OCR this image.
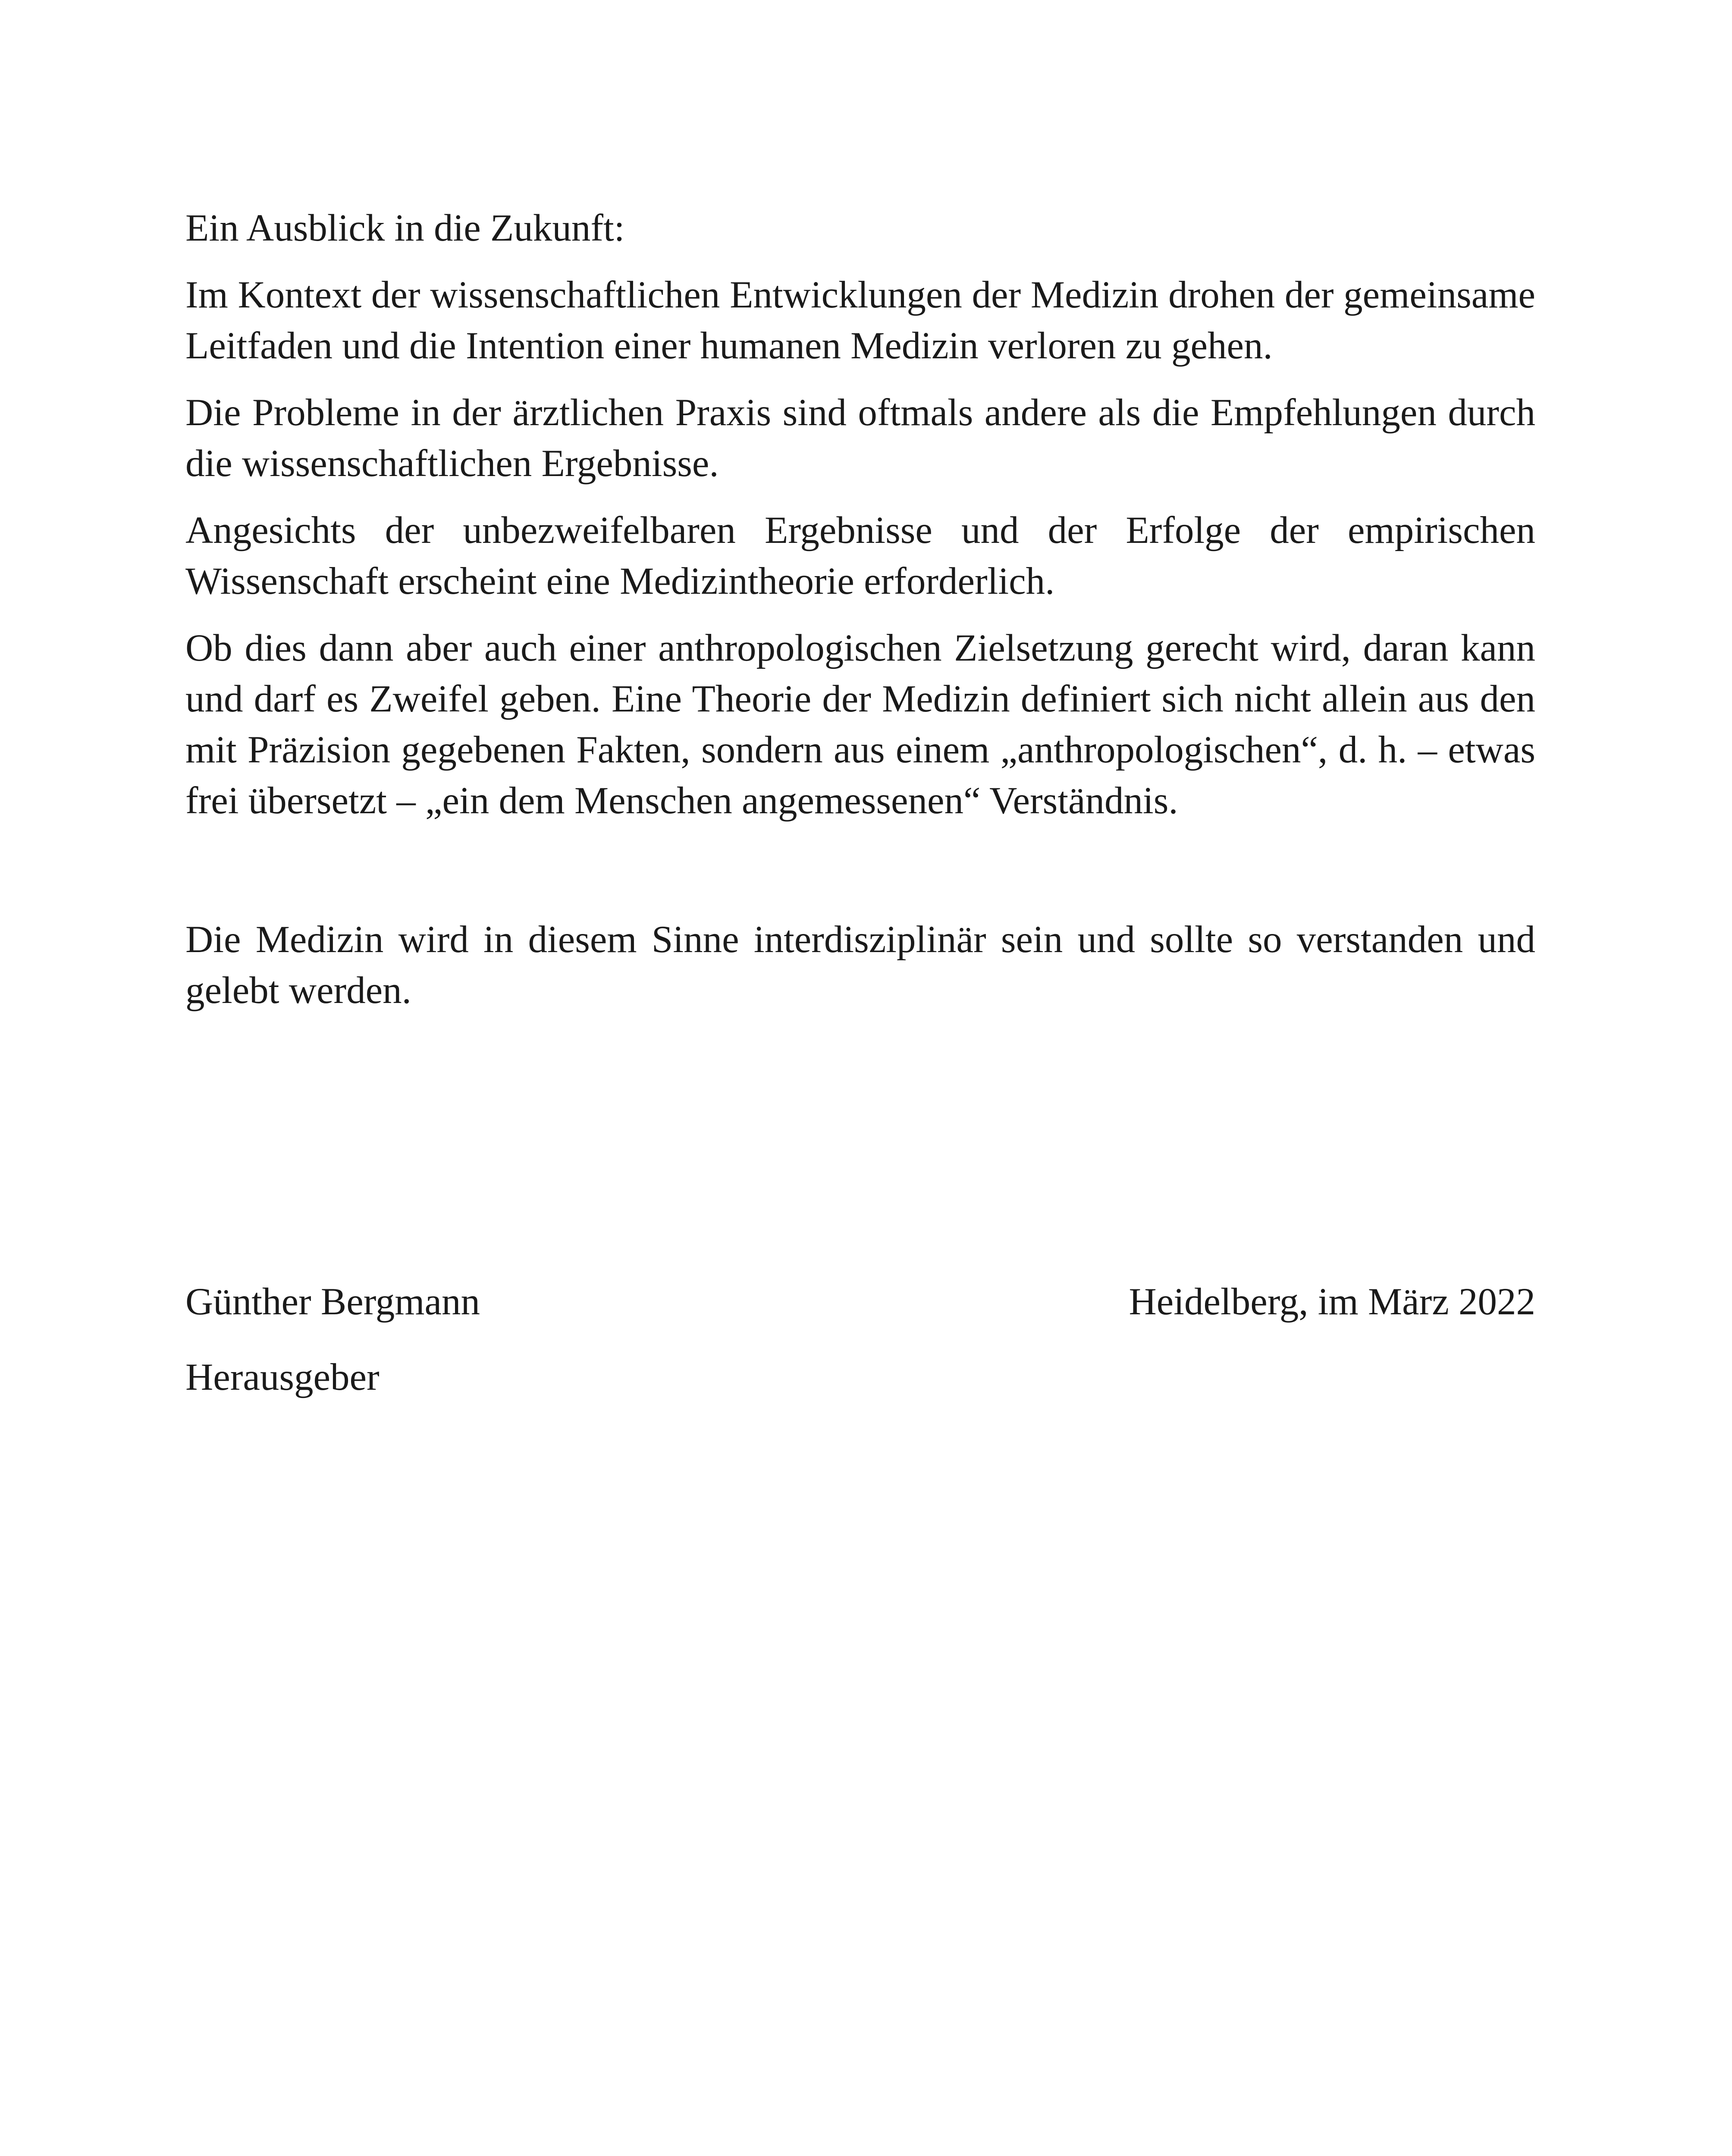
Ein Ausblick in die Zukunft:

Im Kontext der wissenschaftlichen Entwicklungen der Medizin drohen der gemeinsame Leitfaden und die Intention einer humanen Medizin verloren zu gehen.

Die Probleme in der ärztlichen Praxis sind oftmals andere als die Empfehlungen durch die wissenschaftlichen Ergebnisse.

Angesichts der unbezweifelbaren Ergebnisse und der Erfolge der empirischen Wissenschaft erscheint eine Medizintheorie erforderlich.

Ob dies dann aber auch einer anthropologischen Zielsetzung gerecht wird, daran kann und darf es Zweifel geben. Eine Theorie der Medizin definiert sich nicht allein aus den mit Präzision gegebenen Fakten, sondern aus einem „anthropologischen“, d. h. – etwas frei übersetzt – „ein dem Menschen angemessenen“ Verständnis.

Die Medizin wird in diesem Sinne interdisziplinär sein und sollte so verstanden und gelebt werden.

Günther Bergmann	Heidelberg, im März 2022
Herausgeber
